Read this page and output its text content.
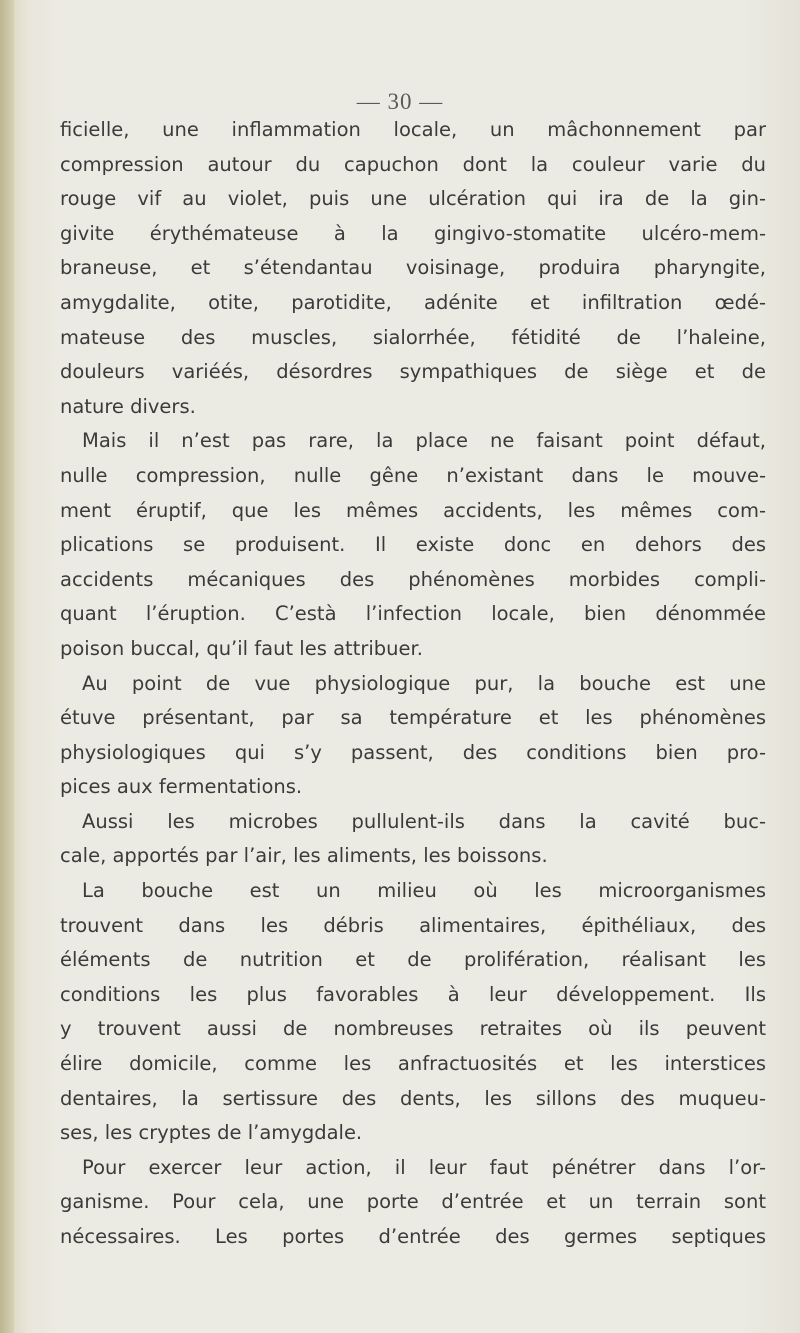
— 30 —
ficielle, une inflammation locale, un mâchonnement par
compression autour du capuchon dont la couleur varie du
rouge vif au violet, puis une ulcération qui ira de la gin-
givite érythémateuse à la gingivo-stomatite ulcéro-mem-
braneuse, et s’étendantau voisinage, produira pharyngite,
amygdalite, otite, parotidite, adénite et infiltration œdé-
mateuse des muscles, sialorrhée, fétidité de l’haleine,
douleurs variéés, désordres sympathiques de siège et de
nature divers.
Mais il n’est pas rare, la place ne faisant point défaut,
nulle compression, nulle gêne n’existant dans le mouve-
ment éruptif, que les mêmes accidents, les mêmes com-
plications se produisent. Il existe donc en dehors des
accidents mécaniques des phénomènes morbides compli-
quant l’éruption. C’està l’infection locale, bien dénommée
poison buccal, qu’il faut les attribuer.
Au point de vue physiologique pur, la bouche est une
étuve présentant, par sa température et les phénomènes
physiologiques qui s’y passent, des conditions bien pro-
pices aux fermentations.
Aussi les microbes pullulent-ils dans la cavité buc-
cale, apportés par l’air, les aliments, les boissons.
La bouche est un milieu où les microorganismes
trouvent dans les débris alimentaires, épithéliaux, des
éléments de nutrition et de prolifération, réalisant les
conditions les plus favorables à leur développement. Ils
y trouvent aussi de nombreuses retraites où ils peuvent
élire domicile, comme les anfractuosités et les interstices
dentaires, la sertissure des dents, les sillons des muqueu-
ses, les cryptes de l’amygdale.
Pour exercer leur action, il leur faut pénétrer dans l’or-
ganisme. Pour cela, une porte d’entrée et un terrain sont
nécessaires. Les portes d’entrée des germes septiques
